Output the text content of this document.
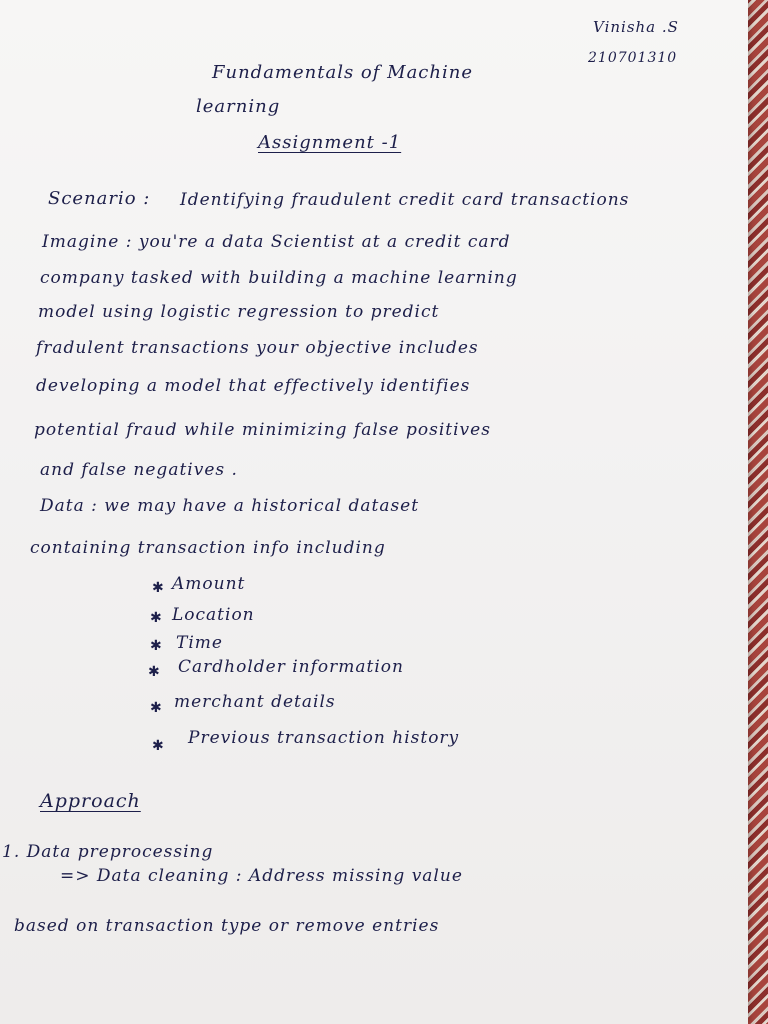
Vinisha .S
210701310
Fundamentals of Machine
learning
Assignment -1
Scenario : Identifying fraudulent credit card transactions
Imagine : you're a data Scientist at a credit card
company tasked with building a machine learning
model using logistic regression to predict
fradulent transactions your objective includes
developing a model that effectively identifies
potential fraud while minimizing false positives
and false negatives .
Data : we may have a historical dataset
containing transaction info including
✱ Amount
✱ Location
✱ Time
✱ Cardholder information
✱ merchant details
✱ Previous transaction history
Approach
1. Data preprocessing
=> Data cleaning : Address missing value
based on transaction type or remove entries
